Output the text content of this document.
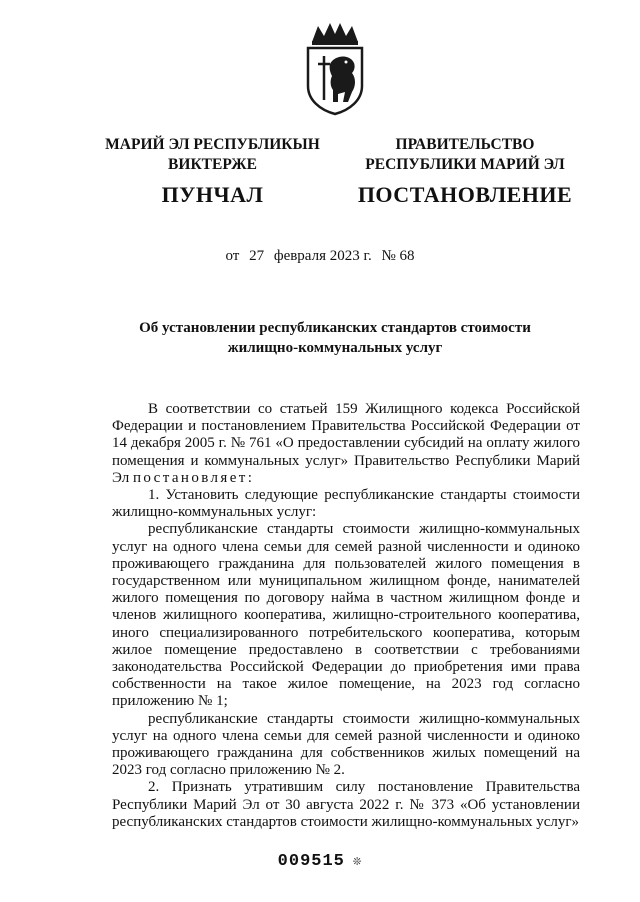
МАРИЙ ЭЛ РЕСПУБЛИКЫН
ВИКТЕРЖЕ
ПУНЧАЛ
ПРАВИТЕЛЬСТВО
РЕСПУБЛИКИ МАРИЙ ЭЛ
ПОСТАНОВЛЕНИЕ
от 27 февраля 2023 г. № 68
Об установлении республиканских стандартов стоимости
жилищно-коммунальных услуг

В соответствии со статьей 159 Жилищного кодекса Российской Федерации и постановлением Правительства Российской Федерации от 14 декабря 2005 г. № 761 «О предоставлении субсидий на оплату жилого помещения и коммунальных услуг» Правительство Республики Марий Эл постановляет:

1. Установить следующие республиканские стандарты стоимости жилищно-коммунальных услуг:

республиканские стандарты стоимости жилищно-коммунальных услуг на одного члена семьи для семей разной численности и одиноко проживающего гражданина для пользователей жилого помещения в государственном или муниципальном жилищном фонде, нанимателей жилого помещения по договору найма в частном жилищном фонде и членов жилищного кооператива, жилищно-строительного кооператива, иного специализированного потребительского кооператива, которым жилое помещение предоставлено в соответствии с требованиями законодательства Российской Федерации до приобретения ими права собственности на такое жилое помещение, на 2023 год согласно приложению № 1;

республиканские стандарты стоимости жилищно-коммунальных услуг на одного члена семьи для семей разной численности и одиноко проживающего гражданина для собственников жилых помещений на 2023 год согласно приложению № 2.

2. Признать утратившим силу постановление Правительства Республики Марий Эл от 30 августа 2022 г. № 373 «Об установлении республиканских стандартов стоимости жилищно-коммунальных услуг»

009515 ❊
